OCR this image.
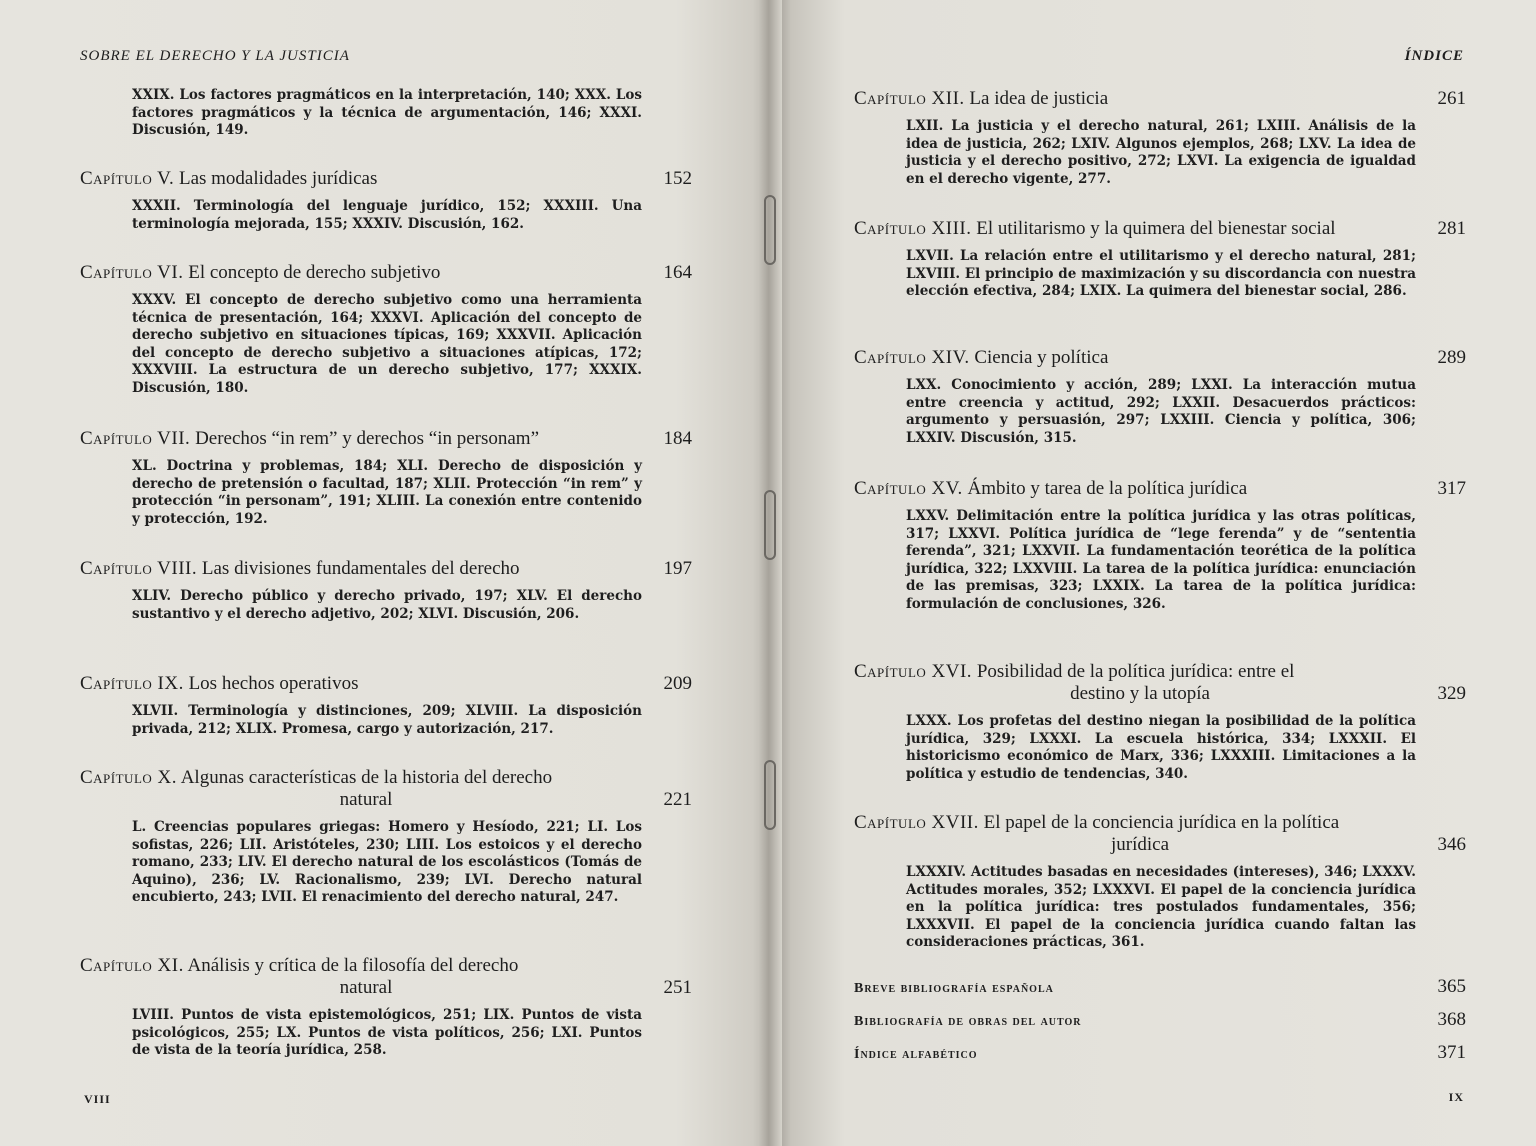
SOBRE EL DERECHO Y LA JUSTICIA
XXIX. Los factores pragmáticos en la interpretación, 140; XXX. Los factores pragmáticos y la técnica de argumentación, 146; XXXI. Discusión, 149.
Capítulo V. Las modalidades jurídicas	152
XXXII. Terminología del lenguaje jurídico, 152; XXXIII. Una terminología mejorada, 155; XXXIV. Discusión, 162.
Capítulo VI. El concepto de derecho subjetivo	164
XXXV. El concepto de derecho subjetivo como una herramienta técnica de presentación, 164; XXXVI. Aplicación del concepto de derecho subjetivo en situaciones típicas, 169; XXXVII. Aplicación del concepto de derecho subjetivo a situaciones atípicas, 172; XXXVIII. La estructura de un derecho subjetivo, 177; XXXIX. Discusión, 180.
Capítulo VII. Derechos “in rem” y derechos “in personam”	184
XL. Doctrina y problemas, 184; XLI. Derecho de disposición y derecho de pretensión o facultad, 187; XLII. Protección “in rem” y protección “in personam”, 191; XLIII. La conexión entre contenido y protección, 192.
Capítulo VIII. Las divisiones fundamentales del derecho	197
XLIV. Derecho público y derecho privado, 197; XLV. El derecho sustantivo y el derecho adjetivo, 202; XLVI. Discusión, 206.
Capítulo IX. Los hechos operativos	209
XLVII. Terminología y distinciones, 209; XLVIII. La disposición privada, 212; XLIX. Promesa, cargo y autorización, 217.
Capítulo X. Algunas características de la historia del derecho
natural	221
L. Creencias populares griegas: Homero y Hesíodo, 221; LI. Los sofistas, 226; LII. Aristóteles, 230; LIII. Los estoicos y el derecho romano, 233; LIV. El derecho natural de los escolásticos (Tomás de Aquino), 236; LV. Racionalismo, 239; LVI. Derecho natural encubierto, 243; LVII. El renacimiento del derecho natural, 247.
Capítulo XI. Análisis y crítica de la filosofía del derecho
natural	251
LVIII. Puntos de vista epistemológicos, 251; LIX. Puntos de vista psicológicos, 255; LX. Puntos de vista políticos, 256; LXI. Puntos de vista de la teoría jurídica, 258.
VIII
ÍNDICE
Capítulo XII. La idea de justicia	261
LXII. La justicia y el derecho natural, 261; LXIII. Análisis de la idea de justicia, 262; LXIV. Algunos ejemplos, 268; LXV. La idea de justicia y el derecho positivo, 272; LXVI. La exigencia de igualdad en el derecho vigente, 277.
Capítulo XIII. El utilitarismo y la quimera del bienestar social	281
LXVII. La relación entre el utilitarismo y el derecho natural, 281; LXVIII. El principio de maximización y su discordancia con nuestra elección efectiva, 284; LXIX. La quimera del bienestar social, 286.
Capítulo XIV. Ciencia y política	289
LXX. Conocimiento y acción, 289; LXXI. La interacción mutua entre creencia y actitud, 292; LXXII. Desacuerdos prácticos: argumento y persuasión, 297; LXXIII. Ciencia y política, 306; LXXIV. Discusión, 315.
Capítulo XV. Ámbito y tarea de la política jurídica	317
LXXV. Delimitación entre la política jurídica y las otras políticas, 317; LXXVI. Política jurídica de “lege ferenda” y de “sententia ferenda”, 321; LXXVII. La fundamentación teorética de la política jurídica, 322; LXXVIII. La tarea de la política jurídica: enunciación de las premisas, 323; LXXIX. La tarea de la política jurídica: formulación de conclusiones, 326.
Capítulo XVI. Posibilidad de la política jurídica: entre el
destino y la utopía	329
LXXX. Los profetas del destino niegan la posibilidad de la política jurídica, 329; LXXXI. La escuela histórica, 334; LXXXII. El historicismo económico de Marx, 336; LXXXIII. Limitaciones a la política y estudio de tendencias, 340.
Capítulo XVII. El papel de la conciencia jurídica en la política
jurídica	346
LXXXIV. Actitudes basadas en necesidades (intereses), 346; LXXXV. Actitudes morales, 352; LXXXVI. El papel de la conciencia jurídica en la política jurídica: tres postulados fundamentales, 356; LXXXVII. El papel de la conciencia jurídica cuando faltan las consideraciones prácticas, 361.
IX
Breve bibliografía española	365
Bibliografía de obras del autor	368
Índice alfabético	371
